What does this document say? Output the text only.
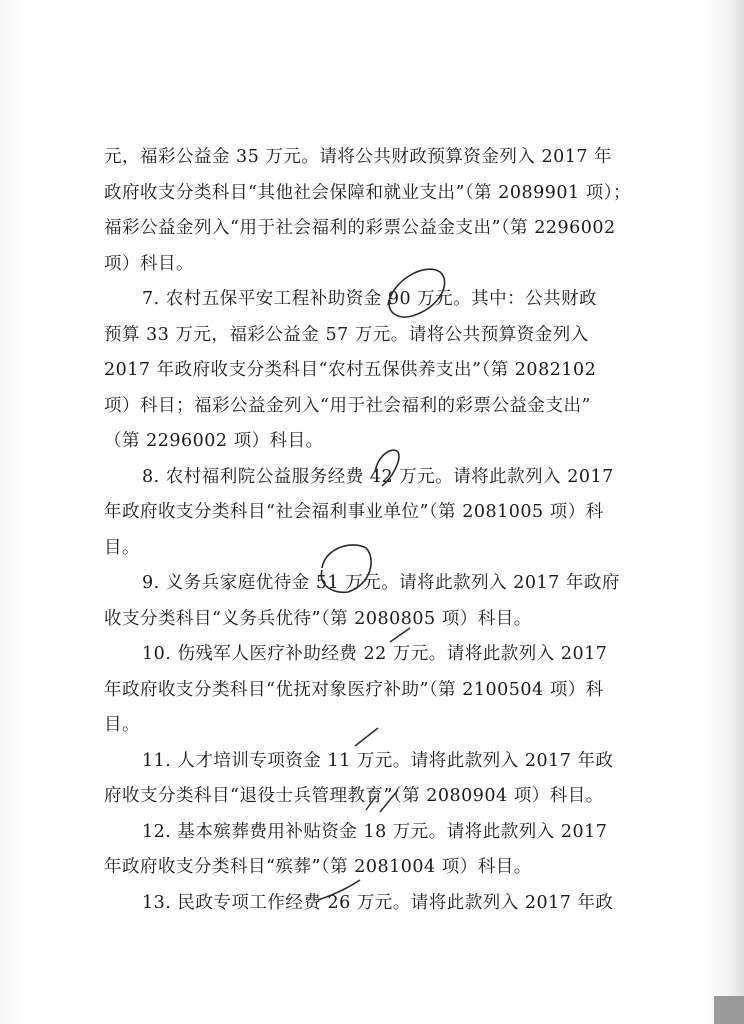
元，福彩公益金 35 万元。请将公共财政预算资金列入 2017 年
政府收支分类科目“其他社会保障和就业支出”（第 2089901 项）；
福彩公益金列入“用于社会福利的彩票公益金支出”（第 2296002
项）科目。
7. 农村五保平安工程补助资金 90 万元。其中：公共财政
预算 33 万元，福彩公益金 57 万元。请将公共预算资金列入
2017 年政府收支分类科目“农村五保供养支出”（第 2082102
项）科目；福彩公益金列入“用于社会福利的彩票公益金支出”
（第 2296002 项）科目。
8. 农村福利院公益服务经费 42 万元。请将此款列入 2017
年政府收支分类科目“社会福利事业单位”（第 2081005 项）科
目。
9. 义务兵家庭优待金 51 万元。请将此款列入 2017 年政府
收支分类科目“义务兵优待”（第 2080805 项）科目。
10. 伤残军人医疗补助经费 22 万元。请将此款列入 2017
年政府收支分类科目“优抚对象医疗补助”（第 2100504 项）科
目。
11. 人才培训专项资金 11 万元。请将此款列入 2017 年政
府收支分类科目“退役士兵管理教育”（第 2080904 项）科目。
12. 基本殡葬费用补贴资金 18 万元。请将此款列入 2017
年政府收支分类科目“殡葬”（第 2081004 项）科目。
13. 民政专项工作经费 26 万元。请将此款列入 2017 年政
